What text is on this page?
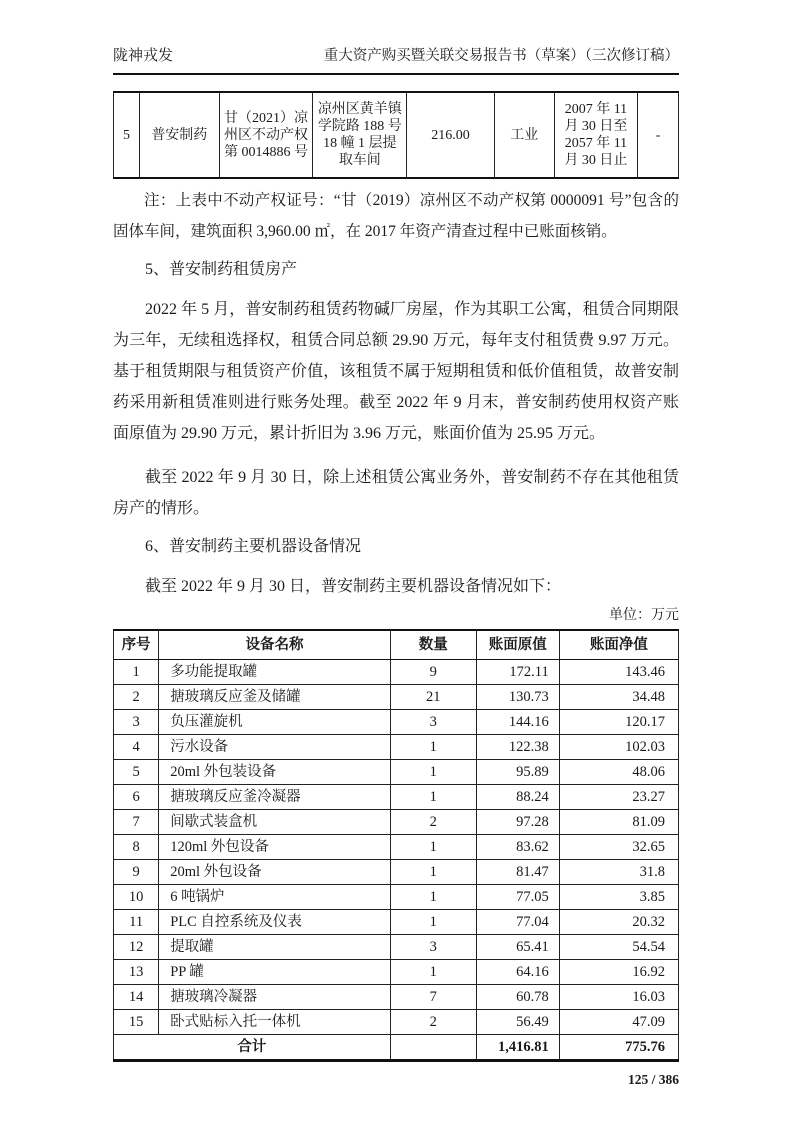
陇神戎发	重大资产购买暨关联交易报告书（草案）（三次修订稿）
5	普安制药	甘（2021）凉州区不动产权第 0014886 号	凉州区黄羊镇学院路 188 号 18 幢 1 层提取车间	216.00	工业	2007 年 11 月 30 日至 2057 年 11 月 30 日止	-

注：上表中不动产权证号：“甘（2019）凉州区不动产权第 0000091 号”包含的固体车间，建筑面积 3,960.00 ㎡，在 2017 年资产清查过程中已账面核销。

5、普安制药租赁房产

2022 年 5 月，普安制药租赁药物碱厂房屋，作为其职工公寓，租赁合同期限为三年，无续租选择权，租赁合同总额 29.90 万元，每年支付租赁费 9.97 万元。基于租赁期限与租赁资产价值，该租赁不属于短期租赁和低价值租赁，故普安制药采用新租赁准则进行账务处理。截至 2022 年 9 月末，普安制药使用权资产账面原值为 29.90 万元，累计折旧为 3.96 万元，账面价值为 25.95 万元。

截至 2022 年 9 月 30 日，除上述租赁公寓业务外，普安制药不存在其他租赁房产的情形。

6、普安制药主要机器设备情况

截至 2022 年 9 月 30 日，普安制药主要机器设备情况如下：

单位：万元
序号	设备名称	数量	账面原值	账面净值
1	多功能提取罐	9	172.11	143.46
2	搪玻璃反应釜及储罐	21	130.73	34.48
3	负压灌旋机	3	144.16	120.17
4	污水设备	1	122.38	102.03
5	20ml 外包装设备	1	95.89	48.06
6	搪玻璃反应釜冷凝器	1	88.24	23.27
7	间歇式装盒机	2	97.28	81.09
8	120ml 外包设备	1	83.62	32.65
9	20ml 外包设备	1	81.47	31.8
10	6 吨锅炉	1	77.05	3.85
11	PLC 自控系统及仪表	1	77.04	20.32
12	提取罐	3	65.41	54.54
13	PP 罐	1	64.16	16.92
14	搪玻璃冷凝器	7	60.78	16.03
15	卧式贴标入托一体机	2	56.49	47.09
合计			1,416.81	775.76
125 / 386
